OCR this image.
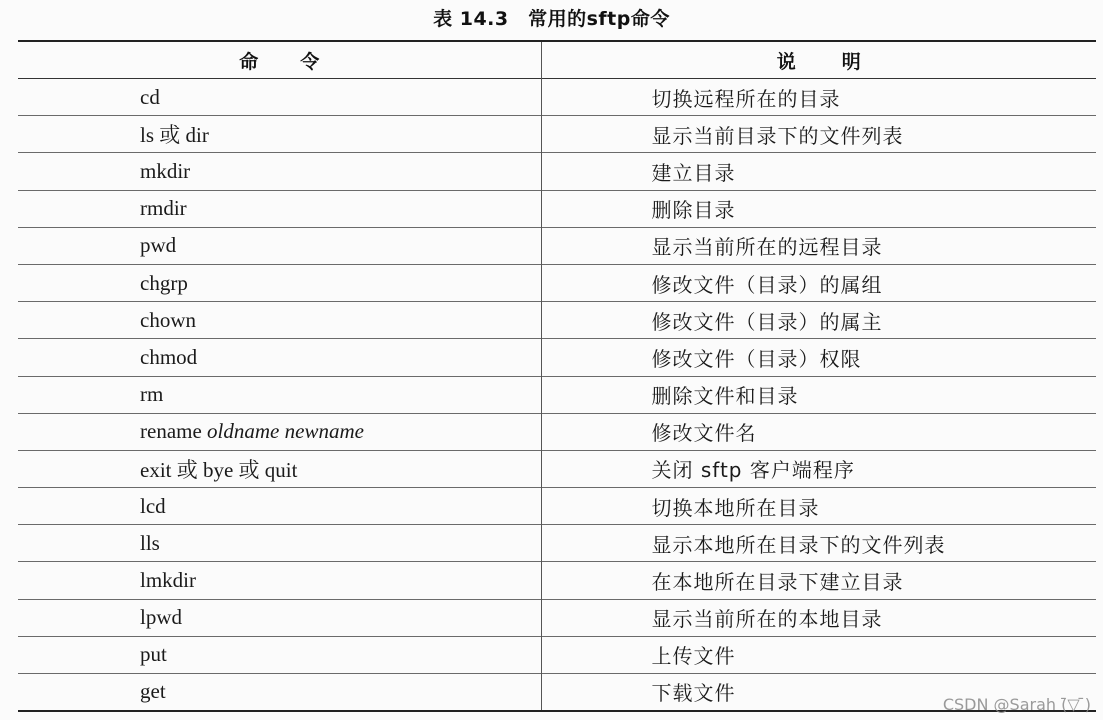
表 14.3　常用的sftp命令
命令	说明
cd	切换远程所在的目录
ls 或 dir	显示当前目录下的文件列表
mkdir	建立目录
rmdir	删除目录
pwd	显示当前所在的远程目录
chgrp	修改文件（目录）的属组
chown	修改文件（目录）的属主
chmod	修改文件（目录）权限
rm	删除文件和目录
rename oldname newname	修改文件名
exit 或 bye 或 quit	关闭 sftp 客户端程序
lcd	切换本地所在目录
lls	显示本地所在目录下的文件列表
lmkdir	在本地所在目录下建立目录
lpwd	显示当前所在的本地目录
put	上传文件
get	下载文件	CSDN @Sarah (̄▽ ̄)
